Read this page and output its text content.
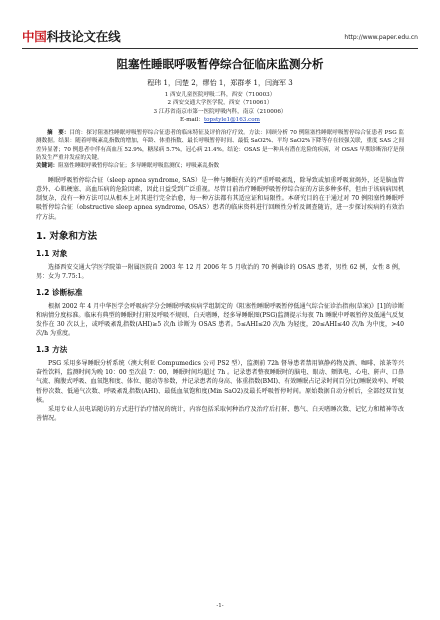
中国科技论文在线	http://www.paper.edu.cn
阻塞性睡眠呼吸暂停综合征临床监测分析
程玮 1，闫楚 2，缪怡 1，郑群孝 1，闫海军 3
1 西安儿童医院呼吸二科，西安（710003）
2 西安交通大学医学院，西安（710061）
3 江苏省南京市第一医院呼吸内科，南京（210006）
E-mail：topstyle1@163.com

摘　要：目的：探讨阻塞性睡眠呼吸暂停综合征患者的临床特征及评价治疗疗效。方法：回顾分析 70 例阻塞性睡眠呼吸暂停综合征患者 PSG 监测数据。结果：随着呼吸紊乱指数的增加，年龄、体重指数、最长呼吸暂停时间、最低 SaO2%、平均 SaO2%下降等存在较强关联，重度 SAS 之间差异显著；70 例患者中伴有高血压 52.9%，糖尿病 5.7%，冠心病 21.4%。结论：OSAS 是一种具有潜在危险的疾病，对 OSAS 早期诊断治疗是预防发生严重并发症的关键。

关键词：阻塞性睡眠呼吸暂停综合征；多导睡眠呼吸监测仪；呼吸紊乱指数

睡眠呼吸暂停综合征（sleep apnea syndrome, SAS）是一种与睡眠有关的严重呼吸紊乱，除导致或加重呼吸衰竭外，还是脑血管意外、心肌梗塞、高血压病的危险因素，因此日益受到广泛重视。尽管目前治疗睡眠呼吸暂停综合征的方法多种多样，但由于该病病因机制复杂，没有一种方法可以从根本上对其进行完全治愈，每一种方法都有其适应证和局限性。本研究目的在于通过对 70 例阻塞性睡眠呼吸暂停综合征（obstructive sleep apnea syndrome, OSAS）患者的临床资料进行回顾性分析及调查随访，进一步探讨疾病的有效治疗方法。

1. 对象和方法
1.1 对象

选择西安交通大学医学院第一附属医院自 2003 年 12 月 2006 年 5 月收治的 70 例确诊的 OSAS 患者，男性 62 例，女性 8 例，男：女为 7.75:1。

1.2 诊断标准

根据 2002 年 4 月中华医学会呼吸病学分会睡眠呼吸疾病学组制定的《阻塞性睡眠呼吸暂停低通气综合征诊治指南(草案)》[1]的诊断和病情分度标准。临床有典型的睡眠时打鼾及呼吸不规则、白天嗜睡，经多导睡眠图(PSG)监测提示每夜 7h 睡眠中呼吸暂停及低通气反复发作在 30 次以上，或呼吸紊乱指数(AHI)≥5 次/h 诊断为 OSAS 患者。5≤AHI≤20 次/h 为轻度，20≤AHI≤40 次/h 为中度，>40 次/h 为重度。

1.3 方法

PSG 采用多导睡眠分析系统（澳大利亚 Compumedics 公司 PS2 型），监测前 72h 督导患者禁用镇静药物及酒、咖啡、浓茶等兴奋性饮料，监测时间为晚 10：00 至次晨 7：00，睡眠时间均超过 7h 。记录患者整夜睡眠时的脑电、眼动、颏肌电、心电、鼾声、口鼻气流、胸腹式呼吸、血氧饱和度、体位、腿动等参数，并记录患者的身高、体重指数(BMI)、有效睡眠占记录时间百分比(睡眠效率)、呼吸暂停次数、低通气次数、呼吸紊乱指数(AHI)、最低血氧饱和度(Min SaO2)及最长呼吸暂停时间。原始数据自动分析后，全部经双盲复核。

采用专业人员电话随访的方式进行治疗情况的统计，内容包括采取何种治疗及治疗后打鼾、憋气、白天嗜睡次数、记忆力和精神等改善情况。

-1-
